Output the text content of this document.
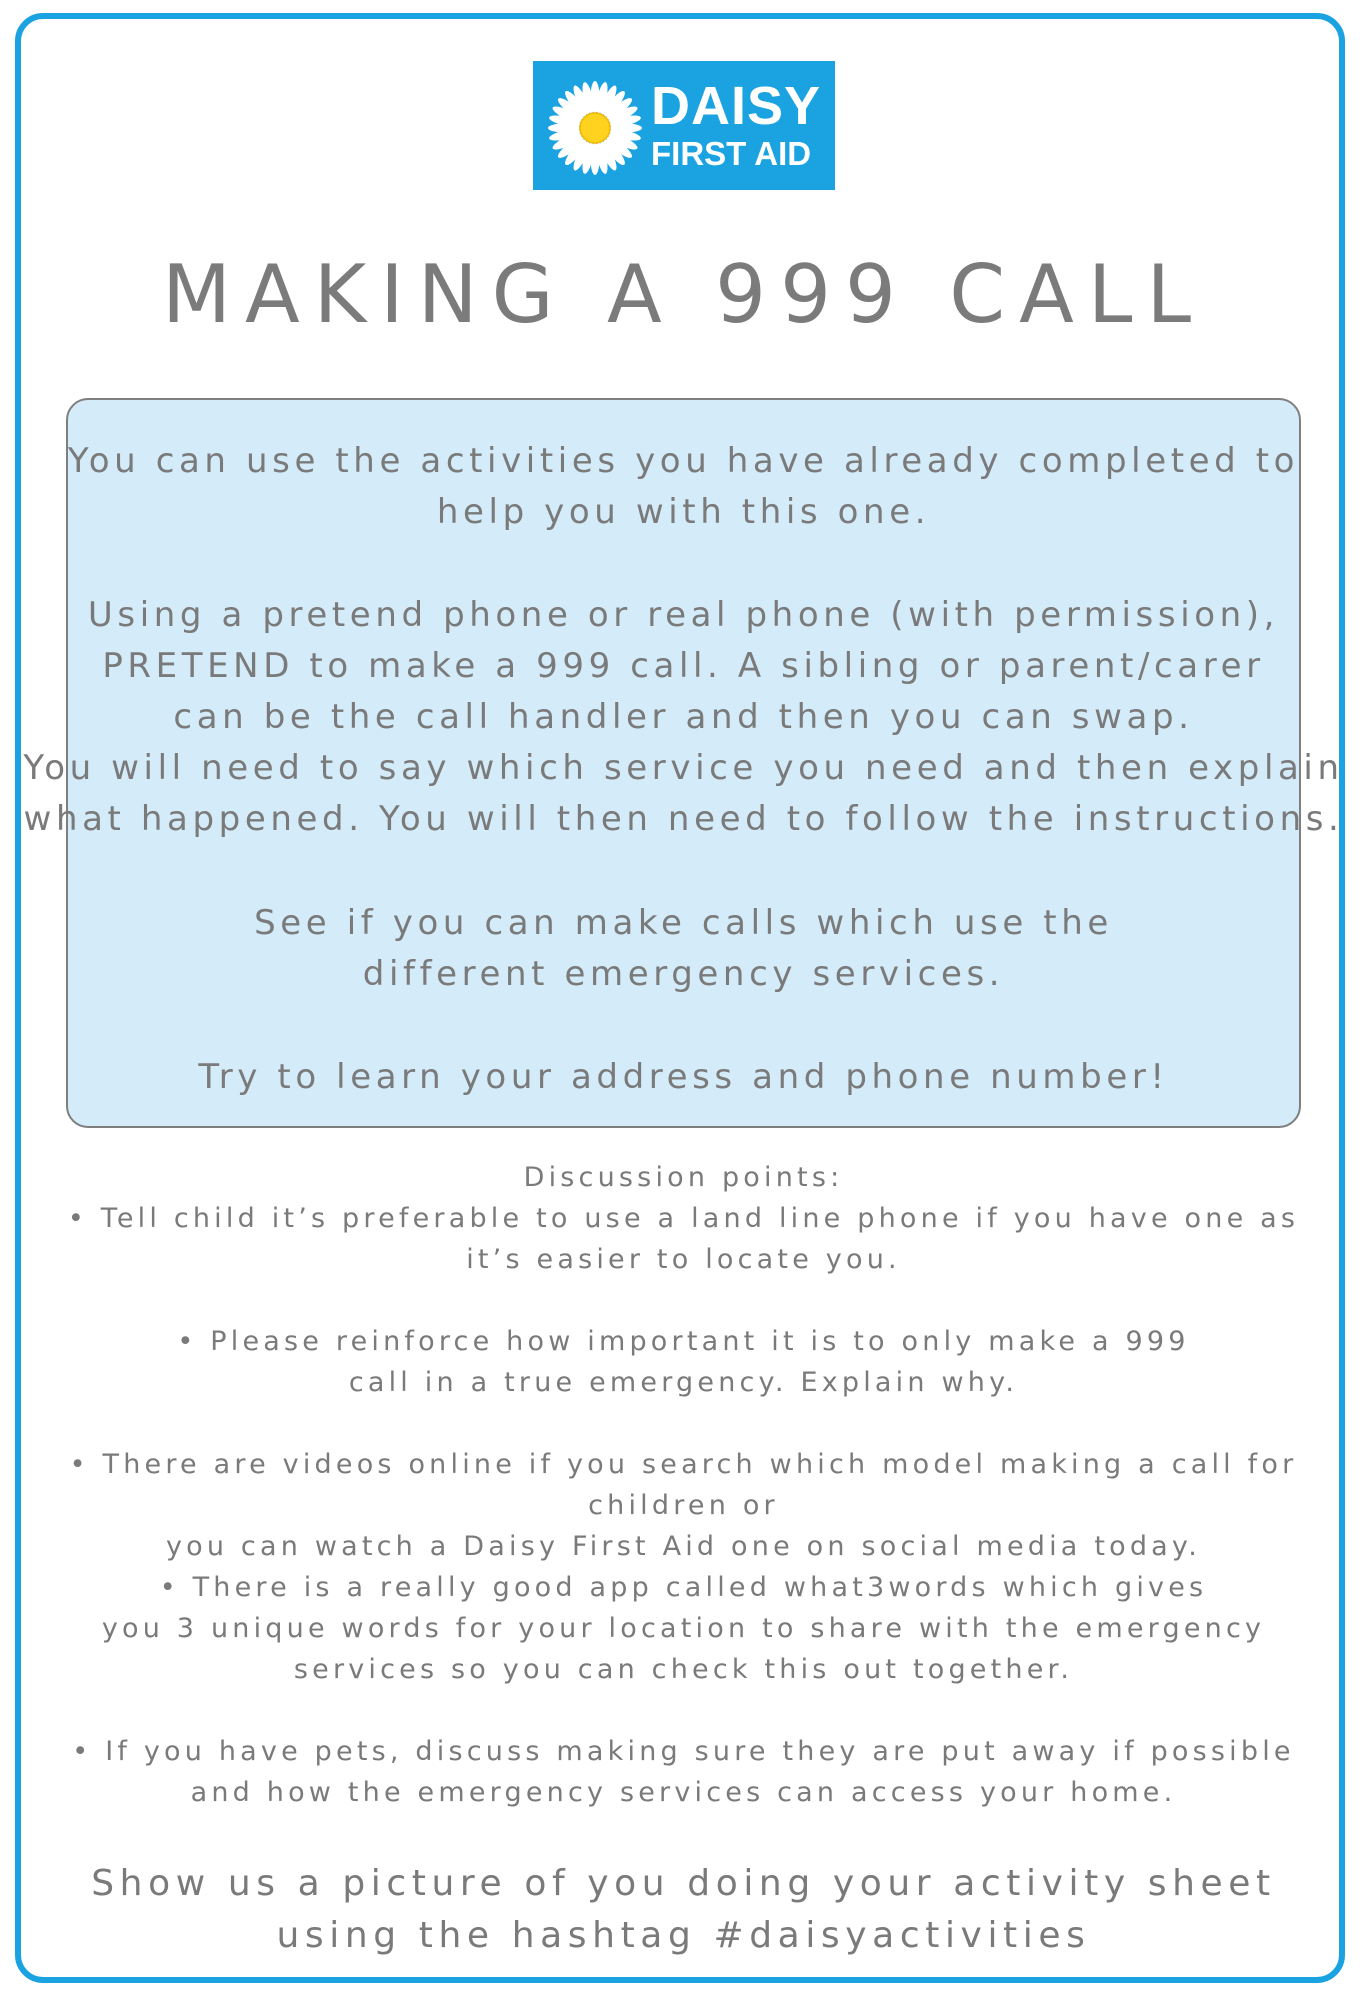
DAISY
FIRST AID
MAKING A 999 CALL

You can use the activities you have already completed to
help you with this one.

Using a pretend phone or real phone (with permission),
PRETEND to make a 999 call. A sibling or parent/carer
can be the call handler and then you can swap.
You will need to say which service you need and then explain
what happened. You will then need to follow the instructions.

See if you can make calls which use the
different emergency services.

Try to learn your address and phone number!

Discussion points:

• Tell child it’s preferable to use a land line phone if you have one as
it’s easier to locate you.

• Please reinforce how important it is to only make a 999
call in a true emergency. Explain why.

• There are videos online if you search which model making a call for children or
you can watch a Daisy First Aid one on social media today.

• There is a really good app called what3words which gives
you 3 unique words for your location to share with the emergency
services so you can check this out together.

• If you have pets, discuss making sure they are put away if possible
and how the emergency services can access your home.

Show us a picture of you doing your activity sheet
using the hashtag #daisyactivities
